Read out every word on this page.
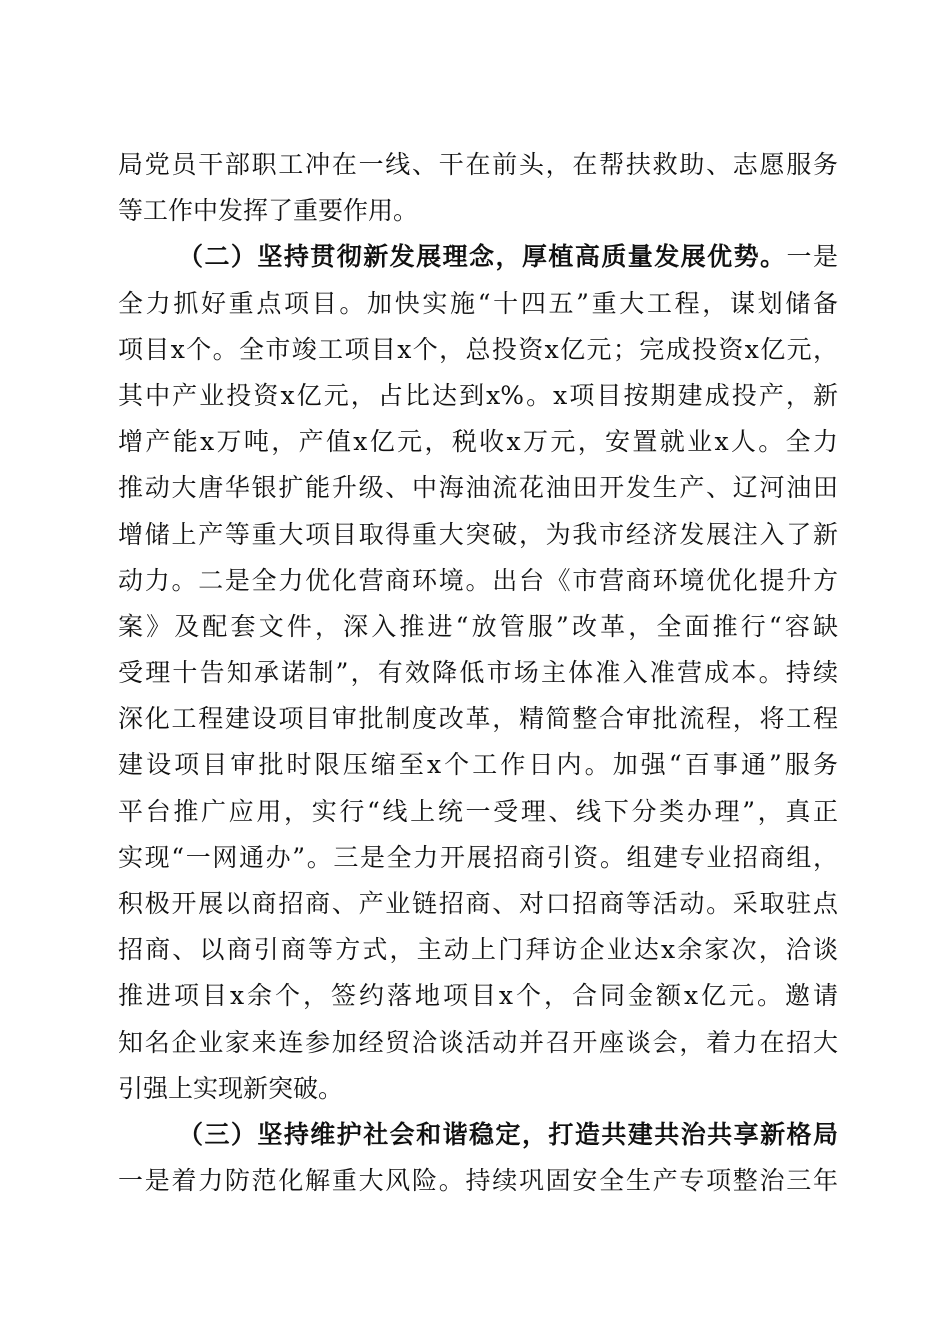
局党员干部职工冲在一线、干在前头，在帮扶救助、志愿服务
等工作中发挥了重要作用。
（二）坚持贯彻新发展理念，厚植高质量发展优势。一是
全力抓好重点项目。加快实施“十四五”重大工程，谋划储备
项目x个。全市竣工项目x个，总投资x亿元；完成投资x亿元，
其中产业投资x亿元，占比达到x%。x项目按期建成投产，新
增产能x万吨，产值x亿元，税收x万元，安置就业x人。全力
推动大唐华银扩能升级、中海油流花油田开发生产、辽河油田
增储上产等重大项目取得重大突破，为我市经济发展注入了新
动力。二是全力优化营商环境。出台《市营商环境优化提升方
案》及配套文件，深入推进“放管服”改革，全面推行“容缺
受理十告知承诺制”，有效降低市场主体准入准营成本。持续
深化工程建设项目审批制度改革，精简整合审批流程，将工程
建设项目审批时限压缩至x个工作日内。加强“百事通”服务
平台推广应用，实行“线上统一受理、线下分类办理”，真正
实现“一网通办”。三是全力开展招商引资。组建专业招商组，
积极开展以商招商、产业链招商、对口招商等活动。采取驻点
招商、以商引商等方式，主动上门拜访企业达x余家次，洽谈
推进项目x余个，签约落地项目x个，合同金额x亿元。邀请
知名企业家来连参加经贸洽谈活动并召开座谈会，着力在招大
引强上实现新突破。
（三）坚持维护社会和谐稳定，打造共建共治共享新格局
一是着力防范化解重大风险。持续巩固安全生产专项整治三年
